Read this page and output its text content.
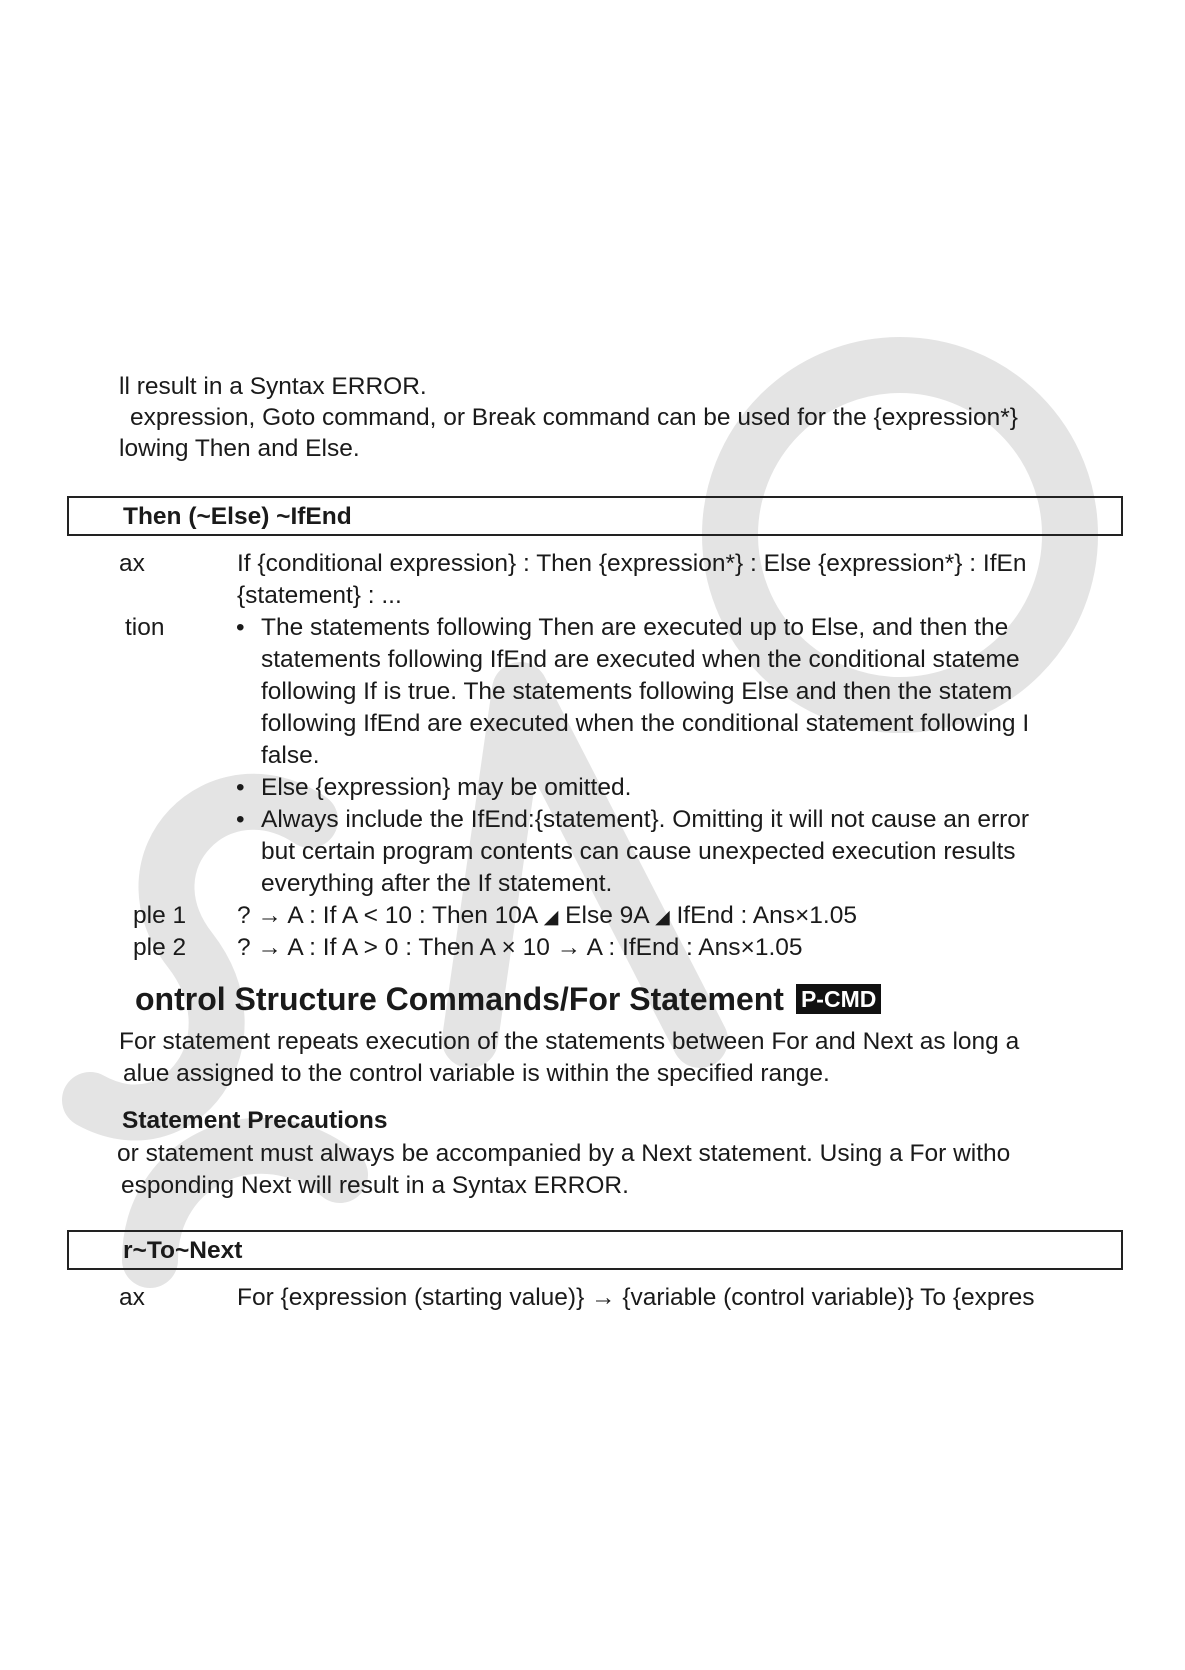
ll result in a Syntax ERROR.
expression, Goto command, or Break command can be used for the {expression*}
lowing Then and Else.
Then (~Else) ~IfEnd
ax	If {conditional expression} : Then {expression*} : Else {expression*} : IfEn
{statement} : ...
tion	• The statements following Then are executed up to Else, and then the
statements following IfEnd are executed when the conditional stateme
following If is true. The statements following Else and then the statem
following IfEnd are executed when the conditional statement following I
false.
• Else {expression} may be omitted.
• Always include the IfEnd:{statement}. Omitting it will not cause an error
but certain program contents can cause unexpected execution results
everything after the If statement.
ple 1 ? → A : If A < 10 : Then 10A ◢ Else 9A ◢ IfEnd : Ans×1.05
ple 2 ? → A : If A > 0 : Then A × 10 → A : IfEnd : Ans×1.05
ontrol Structure Commands/For Statement P-CMD
For statement repeats execution of the statements between For and Next as long a
alue assigned to the control variable is within the specified range.
Statement Precautions
or statement must always be accompanied by a Next statement. Using a For witho
esponding Next will result in a Syntax ERROR.
r~To~Next
ax	For {expression (starting value)} → {variable (control variable)} To {expres
